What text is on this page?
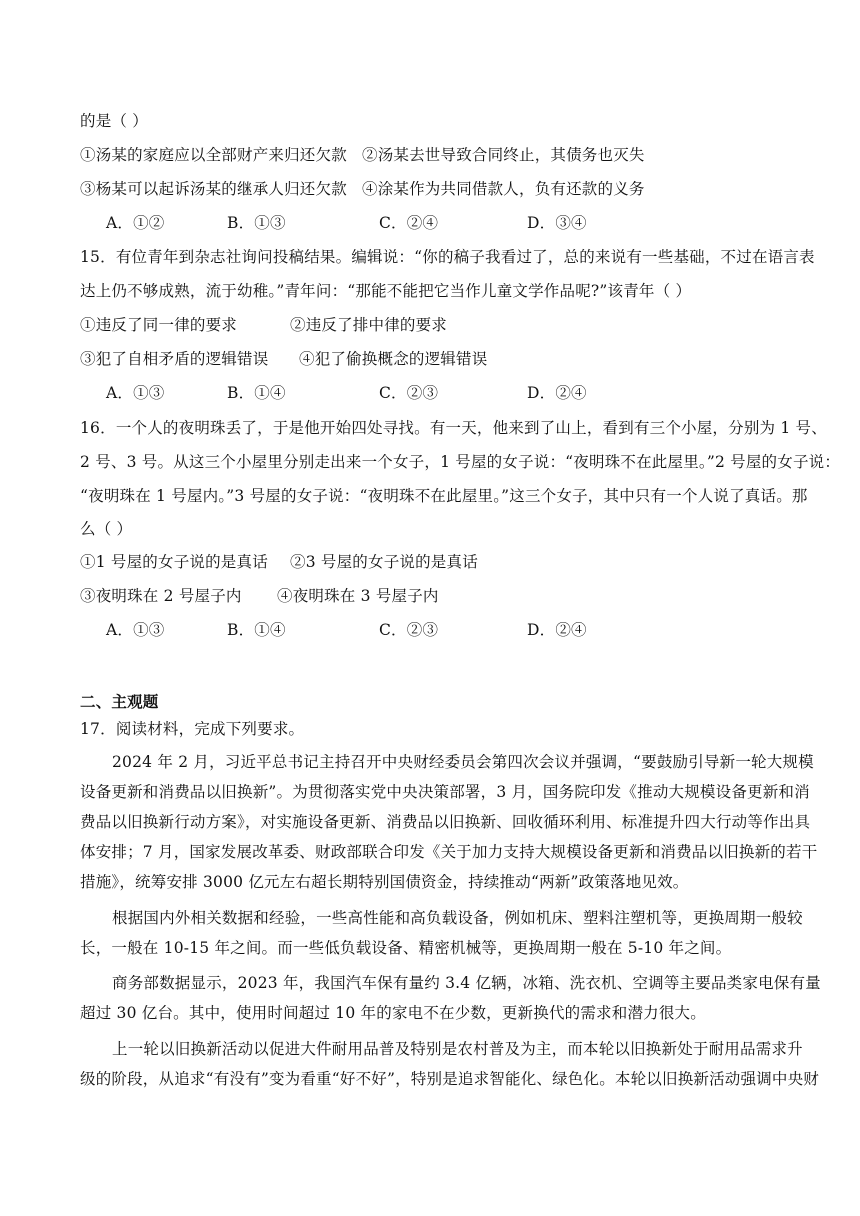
的是（ ）
①汤某的家庭应以全部财产来归还欠款 ②汤某去世导致合同终止，其债务也灭失
③杨某可以起诉汤某的继承人归还欠款 ④涂某作为共同借款人，负有还款的义务
A．①②	B．①③	C．②④	D．③④
15．有位青年到杂志社询问投稿结果。编辑说：“你的稿子我看过了，总的来说有一些基础，不过在语言表
达上仍不够成熟，流于幼稚。”青年问：“那能不能把它当作儿童文学作品呢?”该青年（ ）
①违反了同一律的要求	②违反了排中律的要求
③犯了自相矛盾的逻辑错误 ④犯了偷换概念的逻辑错误
A．①③	B．①④	C．②③	D．②④
16．一个人的夜明珠丢了，于是他开始四处寻找。有一天，他来到了山上，看到有三个小屋，分别为 1 号、
2 号、3 号。从这三个小屋里分别走出来一个女子，1 号屋的女子说：“夜明珠不在此屋里。”2 号屋的女子说：
“夜明珠在 1 号屋内。”3 号屋的女子说：“夜明珠不在此屋里。”这三个女子，其中只有一个人说了真话。那
么（ ）
①1 号屋的女子说的是真话 ②3 号屋的女子说的是真话
③夜明珠在 2 号屋子内 ④夜明珠在 3 号屋子内
A．①③	B．①④	C．②③	D．②④
二、主观题
17．阅读材料，完成下列要求。
2024 年 2 月，习近平总书记主持召开中央财经委员会第四次会议并强调，“要鼓励引导新一轮大规模
设备更新和消费品以旧换新”。为贯彻落实党中央决策部署，3 月，国务院印发《推动大规模设备更新和消
费品以旧换新行动方案》，对实施设备更新、消费品以旧换新、回收循环利用、标准提升四大行动等作出具
体安排；7 月，国家发展改革委、财政部联合印发《关于加力支持大规模设备更新和消费品以旧换新的若干
措施》，统筹安排 3000 亿元左右超长期特别国债资金，持续推动“两新”政策落地见效。
根据国内外相关数据和经验，一些高性能和高负载设备，例如机床、塑料注塑机等，更换周期一般较
长，一般在 10-15 年之间。而一些低负载设备、精密机械等，更换周期一般在 5-10 年之间。
商务部数据显示，2023 年，我国汽车保有量约 3.4 亿辆，冰箱、洗衣机、空调等主要品类家电保有量
超过 30 亿台。其中，使用时间超过 10 年的家电不在少数，更新换代的需求和潜力很大。
上一轮以旧换新活动以促进大件耐用品普及特别是农村普及为主，而本轮以旧换新处于耐用品需求升
级的阶段，从追求“有没有”变为看重“好不好”，特别是追求智能化、绿色化。本轮以旧换新活动强调中央财
